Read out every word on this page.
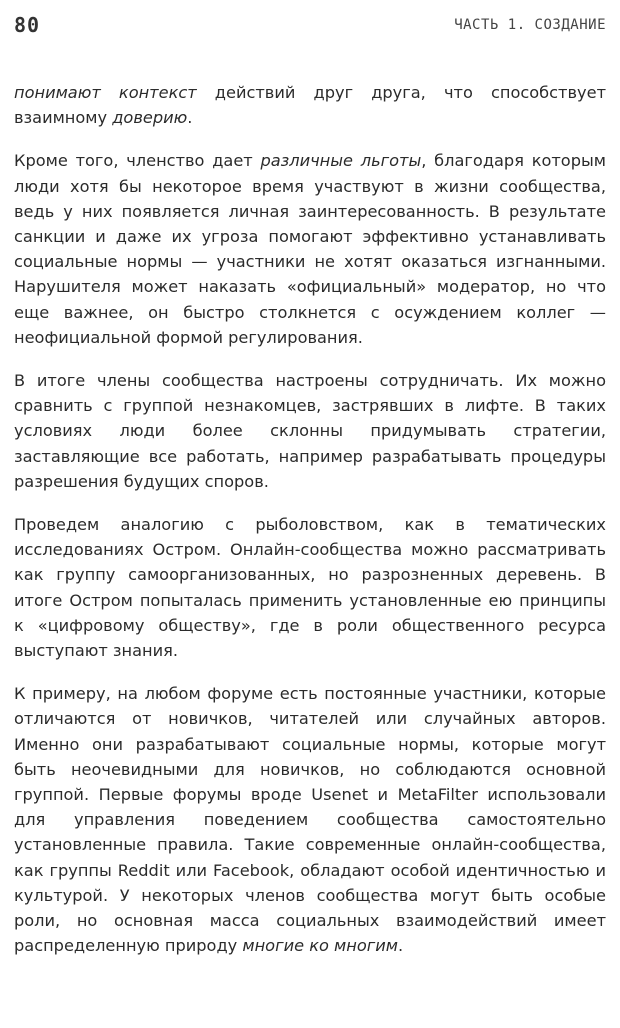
80	ЧАСТЬ 1. СОЗДАНИЕ

понимают контекст действий друг друга, что способствует взаимному доверию.

Кроме того, членство дает различные льготы, благодаря которым люди хотя бы некоторое время участвуют в жизни сообщества, ведь у них появляется личная заинтересованность. В результате санкции и даже их угроза помогают эффективно устанавливать социальные нормы — участники не хотят оказаться изгнанными. Нарушителя может наказать «официальный» модератор, но что еще важнее, он быстро столкнется с осуждением коллег — неофициальной формой регулирования.

В итоге члены сообщества настроены сотрудничать. Их можно сравнить с группой незнакомцев, застрявших в лифте. В таких условиях люди более склонны придумывать стратегии, заставляющие все работать, например разрабатывать процедуры разрешения будущих споров.

Проведем аналогию с рыболовством, как в тематических исследованиях Остром. Онлайн-сообщества можно рассматривать как группу самоорганизованных, но разрозненных деревень. В итоге Остром попыталась применить установленные ею принципы к «цифровому обществу», где в роли общественного ресурса выступают знания.

К примеру, на любом форуме есть постоянные участники, которые отличаются от новичков, читателей или случайных авторов. Именно они разрабатывают социальные нормы, которые могут быть неочевидными для новичков, но соблюдаются основной группой. Первые форумы вроде Usenet и MetaFilter использовали для управления поведением сообщества самостоятельно установленные правила. Такие современные онлайн-сообщества, как группы Reddit или Facebook, обладают особой идентичностью и культурой. У некоторых членов сообщества могут быть особые роли, но основная масса социальных взаимодействий имеет распределенную природу многие ко многим.
